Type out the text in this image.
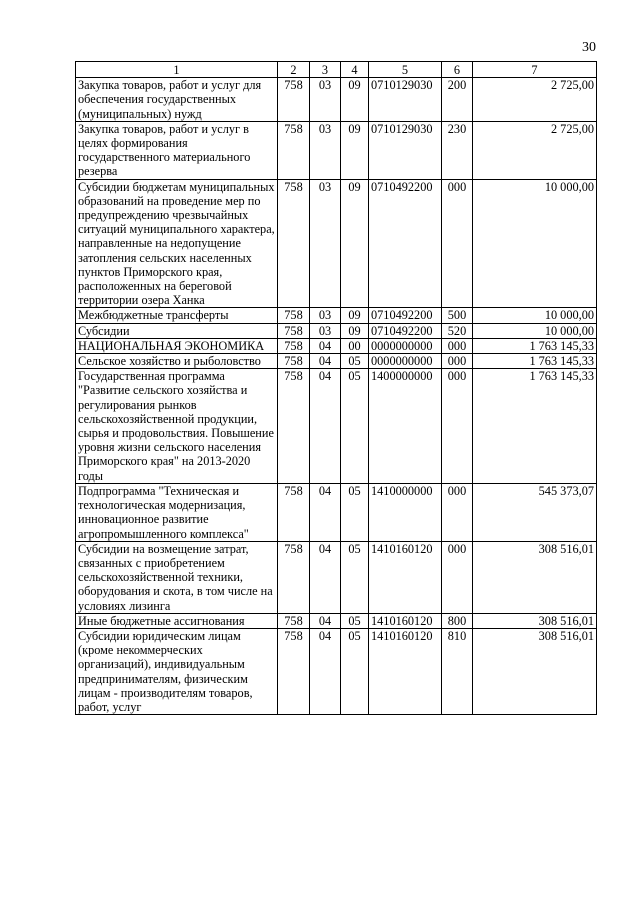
30
1	2	3	4	5	6	7
Закупка товаров, работ и услуг для обеспечения государственных (муниципальных) нужд	758	03	09	0710129030	200	2 725,00
Закупка товаров, работ и услуг в целях формирования государственного материального резерва	758	03	09	0710129030	230	2 725,00
Субсидии бюджетам муниципальных образований на проведение мер по предупреждению чрезвычайных ситуаций муниципального характера, направленные на недопущение затопления сельских населенных пунктов Приморского края, расположенных на береговой территории озера Ханка	758	03	09	0710492200	000	10 000,00
Межбюджетные трансферты	758	03	09	0710492200	500	10 000,00
Субсидии	758	03	09	0710492200	520	10 000,00
НАЦИОНАЛЬНАЯ ЭКОНОМИКА	758	04	00	0000000000	000	1 763 145,33
Сельское хозяйство и рыболовство	758	04	05	0000000000	000	1 763 145,33
Государственная программа "Развитие сельского хозяйства и регулирования рынков сельскохозяйственной продукции, сырья и продовольствия. Повышение уровня жизни сельского населения Приморского края" на 2013-2020 годы	758	04	05	1400000000	000	1 763 145,33
Подпрограмма "Техническая и технологическая модернизация, инновационное развитие агропромышленного комплекса"	758	04	05	1410000000	000	545 373,07
Субсидии на возмещение затрат, связанных с приобретением сельскохозяйственной техники, оборудования и скота, в том числе на условиях лизинга	758	04	05	1410160120	000	308 516,01
Иные бюджетные ассигнования	758	04	05	1410160120	800	308 516,01
Субсидии юридическим лицам (кроме некоммерческих организаций), индивидуальным предпринимателям, физическим лицам - производителям товаров, работ, услуг	758	04	05	1410160120	810	308 516,01
